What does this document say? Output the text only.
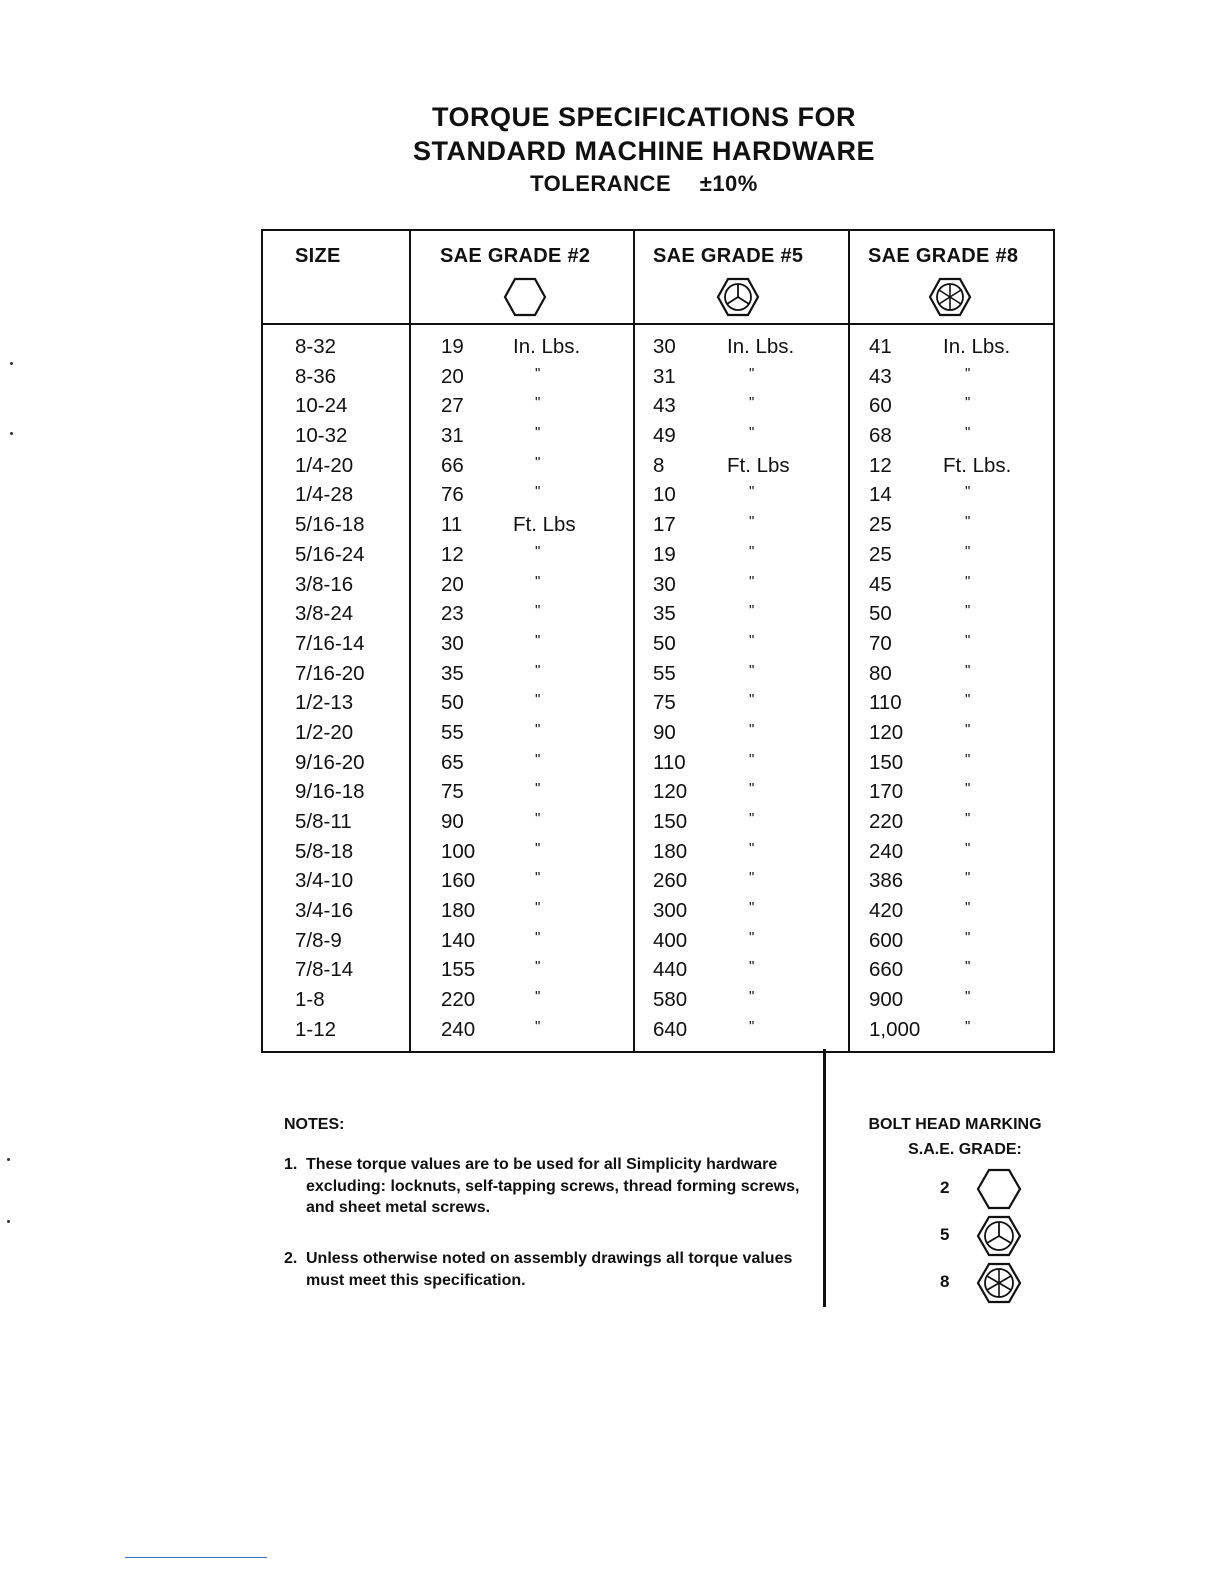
TORQUE SPECIFICATIONS FOR
STANDARD MACHINE HARDWARE
TOLERANCE ±10%
SIZE	SAE GRADE #2	SAE GRADE #5	SAE GRADE #8
8-32	19 In. Lbs.	30 In. Lbs.	41 In. Lbs.
8-36	20	"	31	"	43	"
10-24	27	"	43	"	60	"
10-32	31	"	49	"	68	"
1/4-20	66	"	8	Ft. Lbs	12 Ft. Lbs.
1/4-28	76	"	10	"	14	"
5/16-18	11 Ft. Lbs	17	"	25	"
5/16-24	12	"	19	"	25	"
3/8-16	20	"	30	"	45	"
3/8-24	23	"	35	"	50	"
7/16-14	30	"	50	"	70	"
7/16-20	35	"	55	"	80	"
1/2-13	50	"	75	"	110	"
1/2-20	55	"	90	"	120	"
9/16-20	65	"	110	"	150	"
9/16-18	75	"	120	"	170	"
5/8-11	90	"	150	"	220	"
5/8-18	100	"	180	"	240	"
3/4-10	160	"	260	"	386	"
3/4-16	180	"	300	"	420	"
7/8-9	140	"	400	"	600	"
7/8-14	155	"	440	"	660	"
1-8	220	"	580	"	900	"
1-12	240	"	640	"	1,000	"
NOTES:
1. These torque values are to be used for all Simplicity hardware excluding: locknuts, self-tapping screws, thread forming screws, and sheet metal screws.
2. Unless otherwise noted on assembly drawings all torque values must meet this specification.
BOLT HEAD MARKING
S.A.E. GRADE:
2
5
8
